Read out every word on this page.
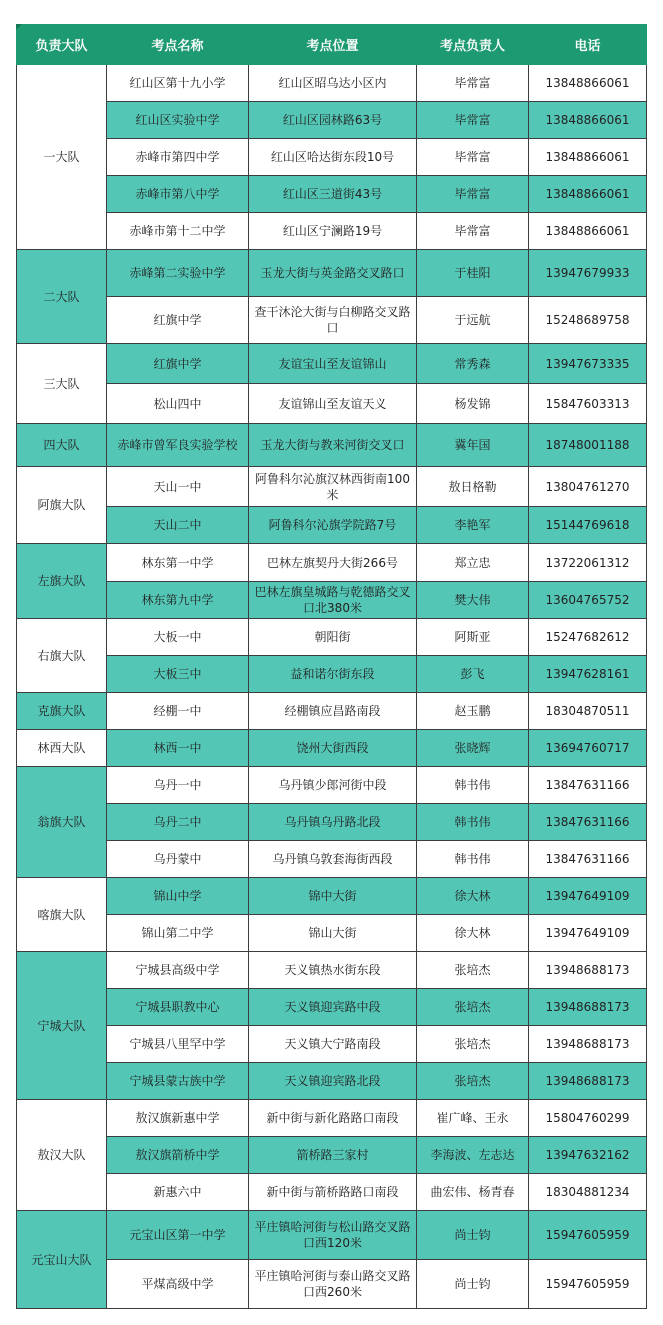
负责大队	考点名称	考点位置	考点负责人	电话
一大队	红山区第十九小学	红山区昭乌达小区内	毕常富	13848866061
	红山区实验中学	红山区园林路63号	毕常富	13848866061
	赤峰市第四中学	红山区哈达街东段10号	毕常富	13848866061
	赤峰市第八中学	红山区三道街43号	毕常富	13848866061
	赤峰市第十二中学	红山区宁澜路19号	毕常富	13848866061
二大队	赤峰第二实验中学	玉龙大街与英金路交叉路口	于桂阳	13947679933
	红旗中学	查干沐沦大街与白柳路交叉路口	于远航	15248689758
三大队	红旗中学	友谊宝山至友谊锦山	常秀森	13947673335
	松山四中	友谊锦山至友谊天义	杨发锦	15847603313
四大队	赤峰市曾军良实验学校	玉龙大街与教来河街交叉口	冀年国	18748001188
阿旗大队	天山一中	阿鲁科尔沁旗汉林西街南100米	敖日格勒	13804761270
	天山二中	阿鲁科尔沁旗学院路7号	李艳军	15144769618
左旗大队	林东第一中学	巴林左旗契丹大街266号	郑立忠	13722061312
	林东第九中学	巴林左旗皇城路与乾德路交叉口北380米	樊大伟	13604765752
右旗大队	大板一中	朝阳街	阿斯亚	15247682612
	大板三中	益和诺尔街东段	彭飞	13947628161
克旗大队	经棚一中	经棚镇应昌路南段	赵玉鹏	18304870511
林西大队	林西一中	饶州大街西段	张晓辉	13694760717
翁旗大队	乌丹一中	乌丹镇少郎河街中段	韩书伟	13847631166
	乌丹二中	乌丹镇乌丹路北段	韩书伟	13847631166
	乌丹蒙中	乌丹镇乌敦套海街西段	韩书伟	13847631166
喀旗大队	锦山中学	锦中大街	徐大林	13947649109
	锦山第二中学	锦山大街	徐大林	13947649109
宁城大队	宁城县高级中学	天义镇热水街东段	张培杰	13948688173
	宁城县职教中心	天义镇迎宾路中段	张培杰	13948688173
	宁城县八里罕中学	天义镇大宁路南段	张培杰	13948688173
	宁城县蒙古族中学	天义镇迎宾路北段	张培杰	13948688173
敖汉大队	敖汉旗新惠中学	新中街与新化路路口南段	崔广峰、王永	15804760299
	敖汉旗箭桥中学	箭桥路三家村	李海波、左志达	13947632162
	新惠六中	新中街与箭桥路路口南段	曲宏伟、杨青春	18304881234
元宝山大队	元宝山区第一中学	平庄镇哈河街与松山路交叉路口西120米	尚士钧	15947605959
	平煤高级中学	平庄镇哈河街与泰山路交叉路口西260米	尚士钧	15947605959
